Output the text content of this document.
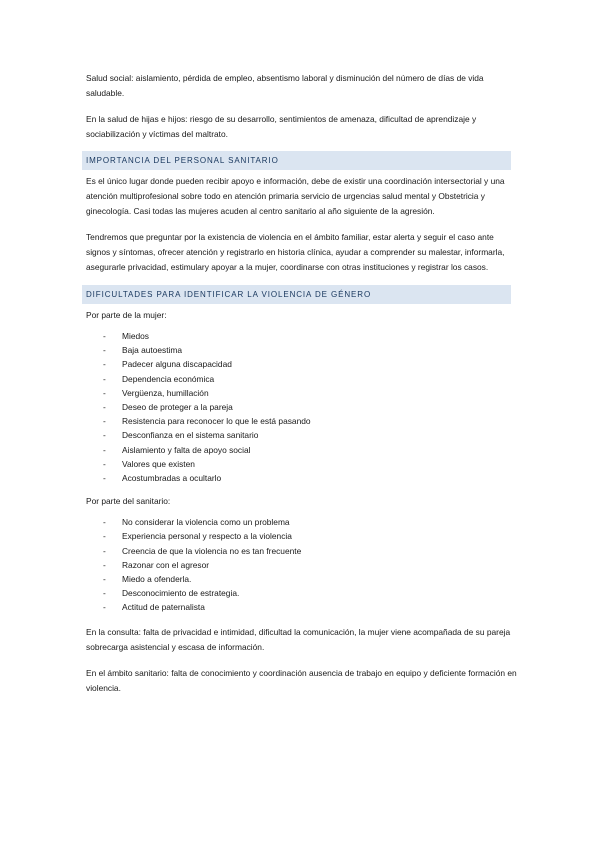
Salud social: aislamiento, pérdida de empleo, absentismo laboral y disminución del número de días de vida saludable.

En la salud de hijas e hijos: riesgo de su desarrollo, sentimientos de amenaza, dificultad de aprendizaje y sociabilización y víctimas del maltrato.

IMPORTANCIA DEL PERSONAL SANITARIO

Es el único lugar donde pueden recibir apoyo e información, debe de existir una coordinación intersectorial y una atención multiprofesional sobre todo en atención primaria servicio de urgencias salud mental y Obstetricia y ginecología. Casi todas las mujeres acuden al centro sanitario al año siguiente de la agresión.

Tendremos que preguntar por la existencia de violencia en el ámbito familiar, estar alerta y seguir el caso ante signos y síntomas, ofrecer atención y registrarlo en historia clínica, ayudar a comprender su malestar, informarla, asegurarle privacidad, estimulary apoyar a la mujer, coordinarse con otras instituciones y registrar los casos.

DIFICULTADES PARA IDENTIFICAR LA VIOLENCIA DE GÉNERO

Por parte de la mujer:

- Miedos
- Baja autoestima
- Padecer alguna discapacidad
- Dependencia económica
- Vergüenza, humillación
- Deseo de proteger a la pareja
- Resistencia para reconocer lo que le está pasando
- Desconfianza en el sistema sanitario
- Aislamiento y falta de apoyo social
- Valores que existen
- Acostumbradas a ocultarlo

Por parte del sanitario:

- No considerar la violencia como un problema
- Experiencia personal y respecto a la violencia
- Creencia de que la violencia no es tan frecuente
- Razonar con el agresor
- Miedo a ofenderla.
- Desconocimiento de estrategia.
- Actitud de paternalista

En la consulta: falta de privacidad e intimidad, dificultad la comunicación, la mujer viene acompañada de su pareja sobrecarga asistencial y escasa de información.

En el ámbito sanitario: falta de conocimiento y coordinación ausencia de trabajo en equipo y deficiente formación en violencia.
